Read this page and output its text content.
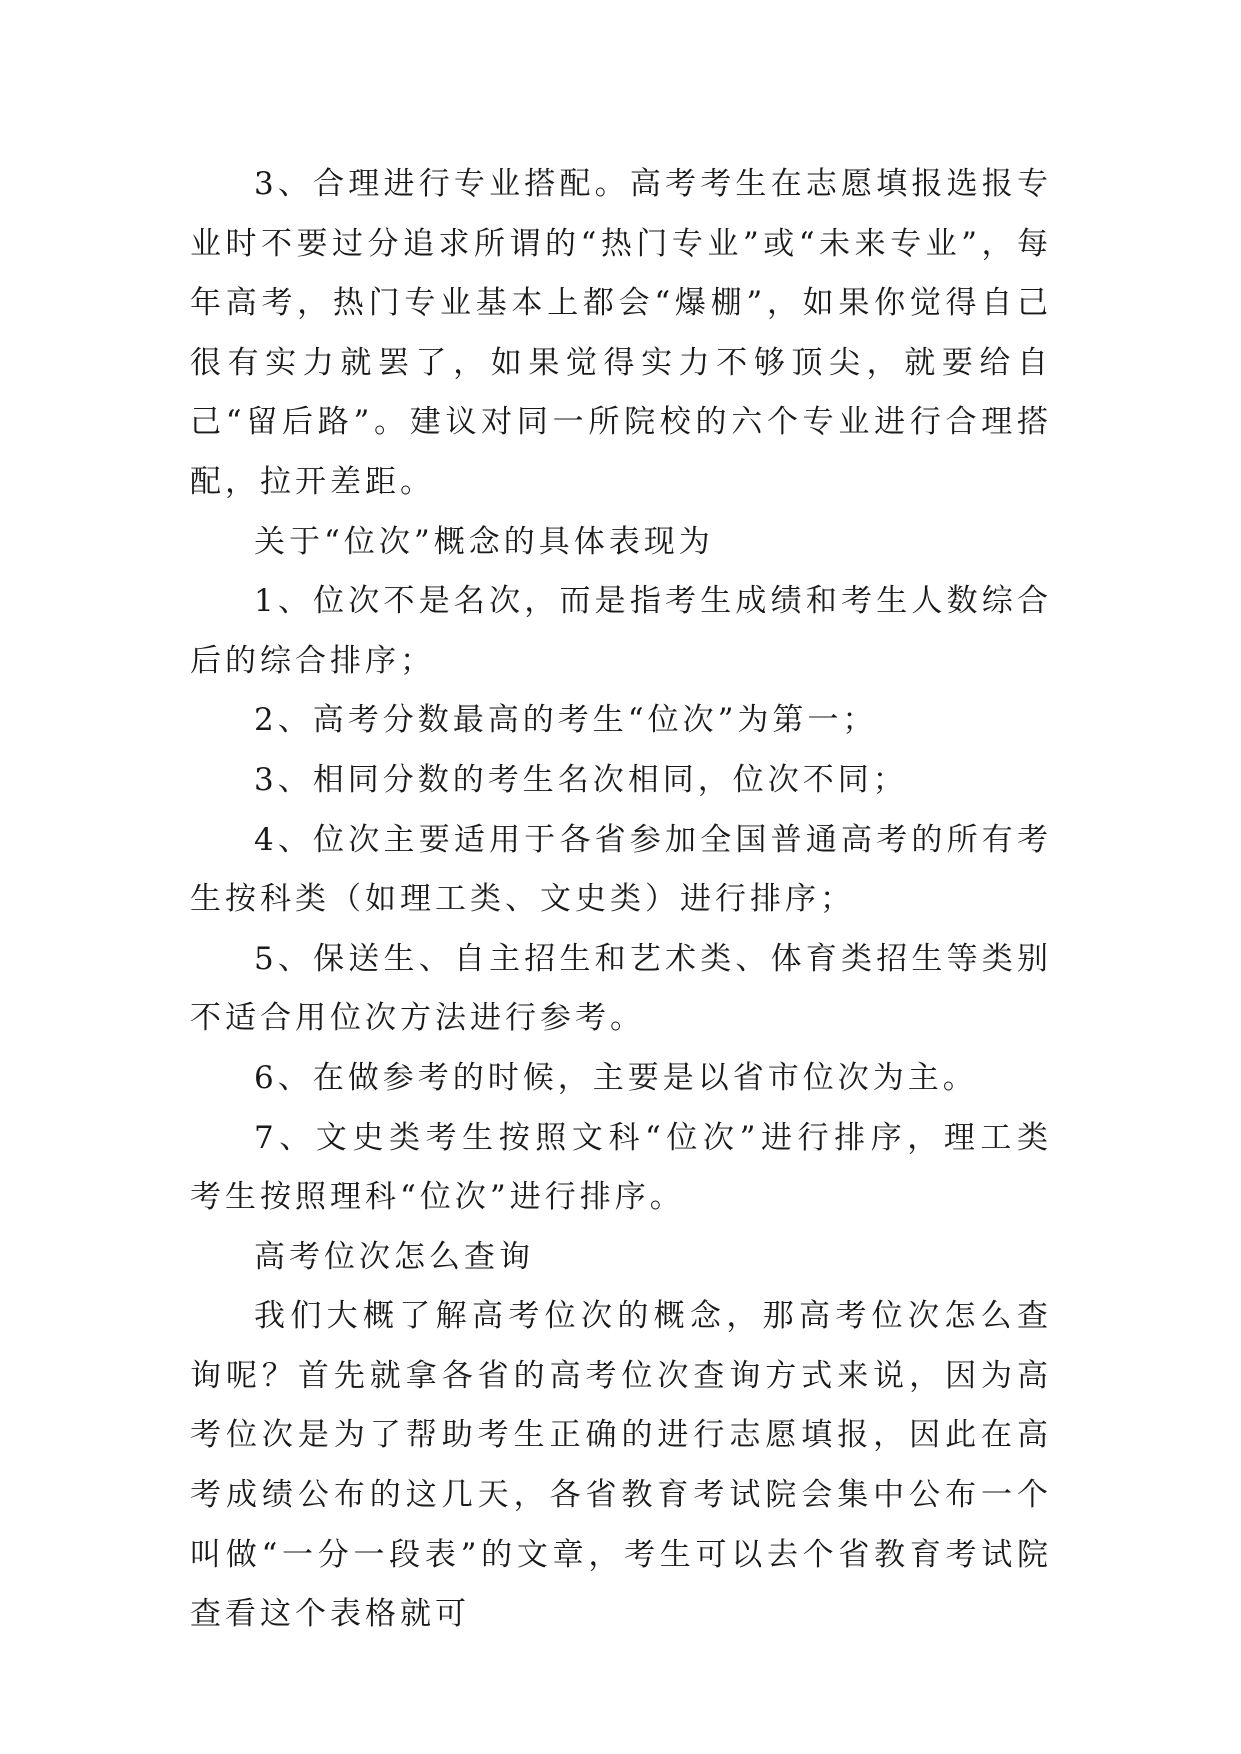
3、合理进行专业搭配。高考考生在志愿填报选报专业时不要过分追求所谓的“热门专业”或“未来专业”，每年高考，热门专业基本上都会“爆棚”，如果你觉得自己很有实力就罢了，如果觉得实力不够顶尖，就要给自己“留后路”。建议对同一所院校的六个专业进行合理搭配，拉开差距。

关于“位次”概念的具体表现为

1、位次不是名次，而是指考生成绩和考生人数综合后的综合排序；

2、高考分数最高的考生“位次”为第一；

3、相同分数的考生名次相同，位次不同；

4、位次主要适用于各省参加全国普通高考的所有考生按科类（如理工类、文史类）进行排序；

5、保送生、自主招生和艺术类、体育类招生等类别不适合用位次方法进行参考。

6、在做参考的时候，主要是以省市位次为主。

7、文史类考生按照文科“位次”进行排序，理工类考生按照理科“位次”进行排序。

高考位次怎么查询

我们大概了解高考位次的概念，那高考位次怎么查询呢？首先就拿各省的高考位次查询方式来说，因为高考位次是为了帮助考生正确的进行志愿填报，因此在高考成绩公布的这几天，各省教育考试院会集中公布一个叫做“一分一段表”的文章，考生可以去个省教育考试院查看这个表格就可
